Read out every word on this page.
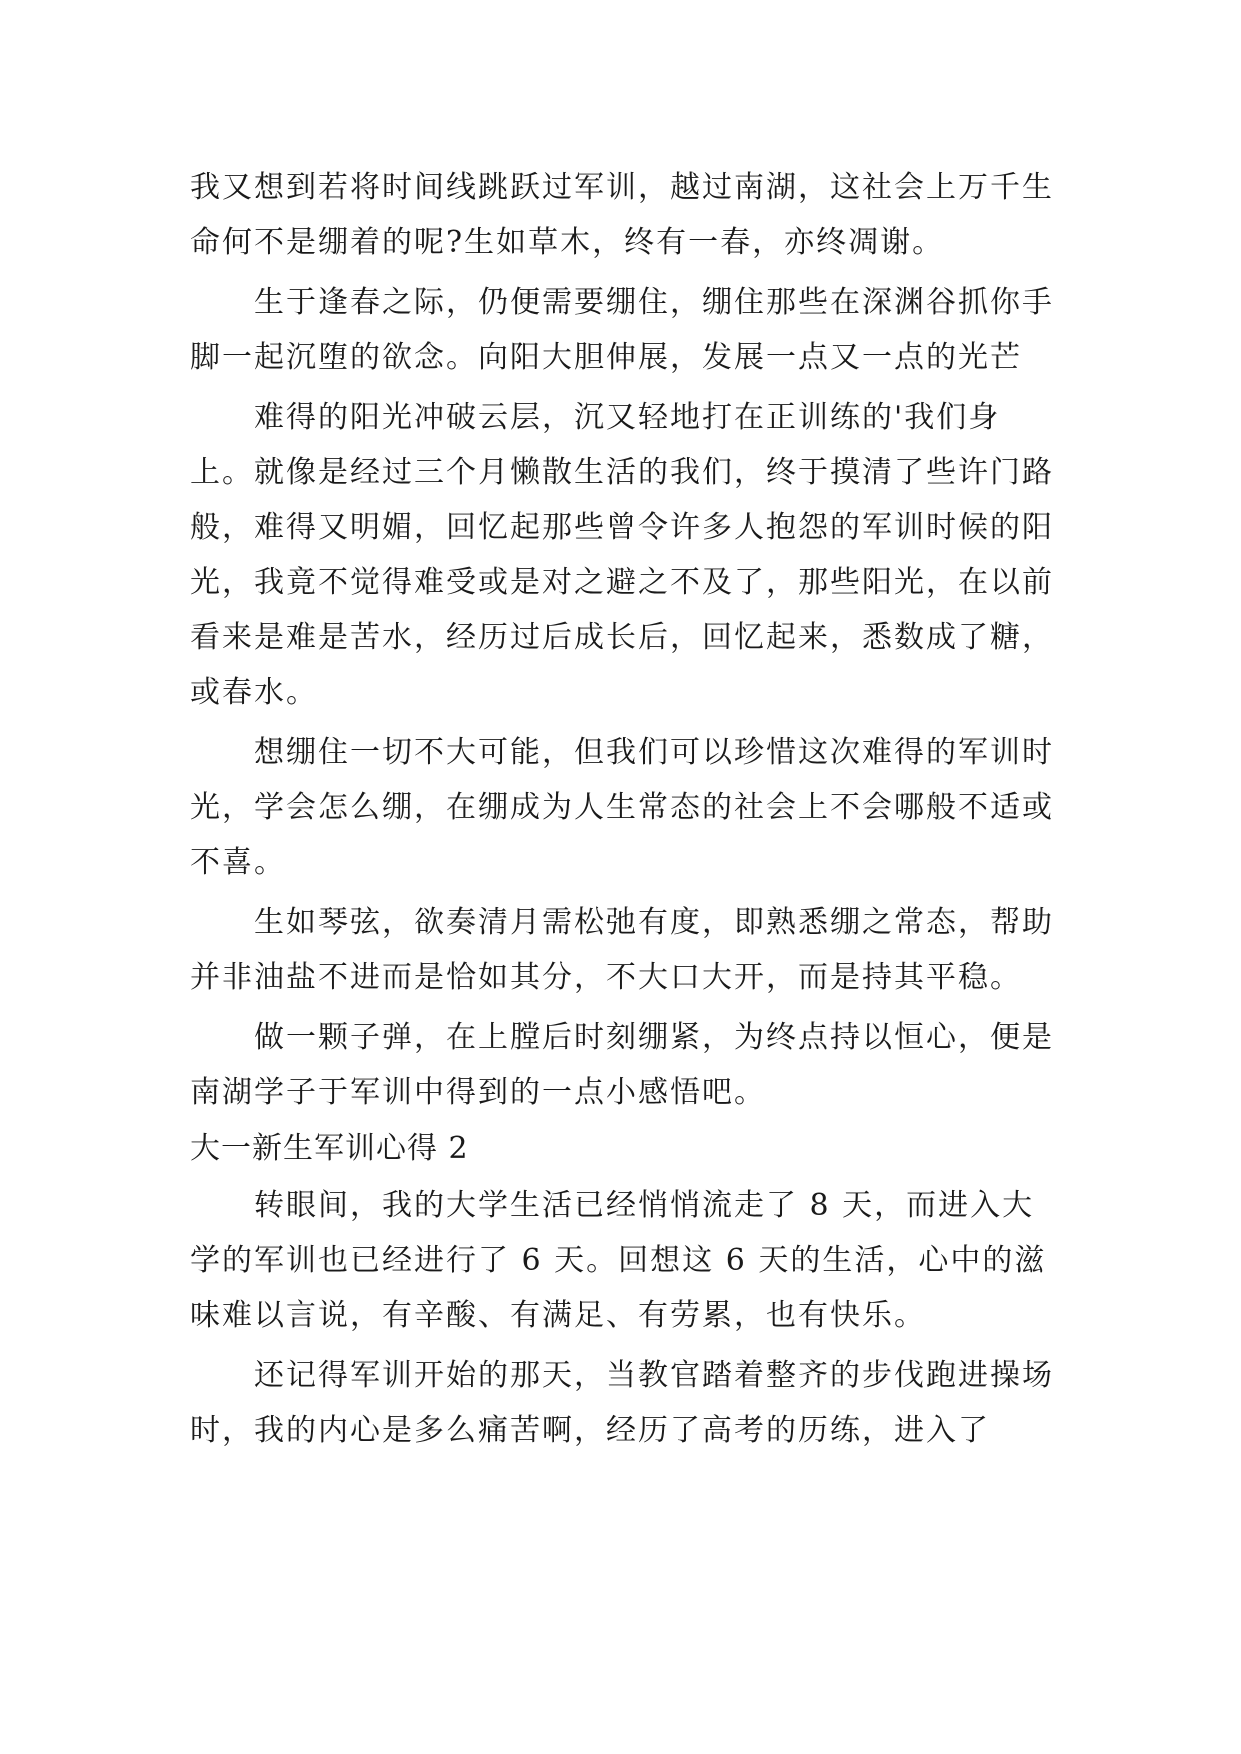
我又想到若将时间线跳跃过军训，越过南湖，这社会上万千生命何不是绷着的呢?生如草木，终有一春，亦终凋谢。

生于逢春之际，仍便需要绷住，绷住那些在深渊谷抓你手脚一起沉堕的欲念。向阳大胆伸展，发展一点又一点的光芒

难得的阳光冲破云层，沉又轻地打在正训练的'我们身上。就像是经过三个月懒散生活的我们，终于摸清了些许门路般，难得又明媚，回忆起那些曾令许多人抱怨的军训时候的阳光，我竟不觉得难受或是对之避之不及了，那些阳光，在以前看来是难是苦水，经历过后成长后，回忆起来，悉数成了糖，或春水。

想绷住一切不大可能，但我们可以珍惜这次难得的军训时光，学会怎么绷，在绷成为人生常态的社会上不会哪般不适或不喜。

生如琴弦，欲奏清月需松弛有度，即熟悉绷之常态，帮助并非油盐不进而是恰如其分，不大口大开，而是持其平稳。

做一颗子弹，在上膛后时刻绷紧，为终点持以恒心，便是南湖学子于军训中得到的一点小感悟吧。

大一新生军训心得 2

转眼间，我的大学生活已经悄悄流走了 8 天，而进入大学的军训也已经进行了 6 天。回想这 6 天的生活，心中的滋味难以言说，有辛酸、有满足、有劳累，也有快乐。

还记得军训开始的那天，当教官踏着整齐的步伐跑进操场时，我的内心是多么痛苦啊，经历了高考的历练，进入了
